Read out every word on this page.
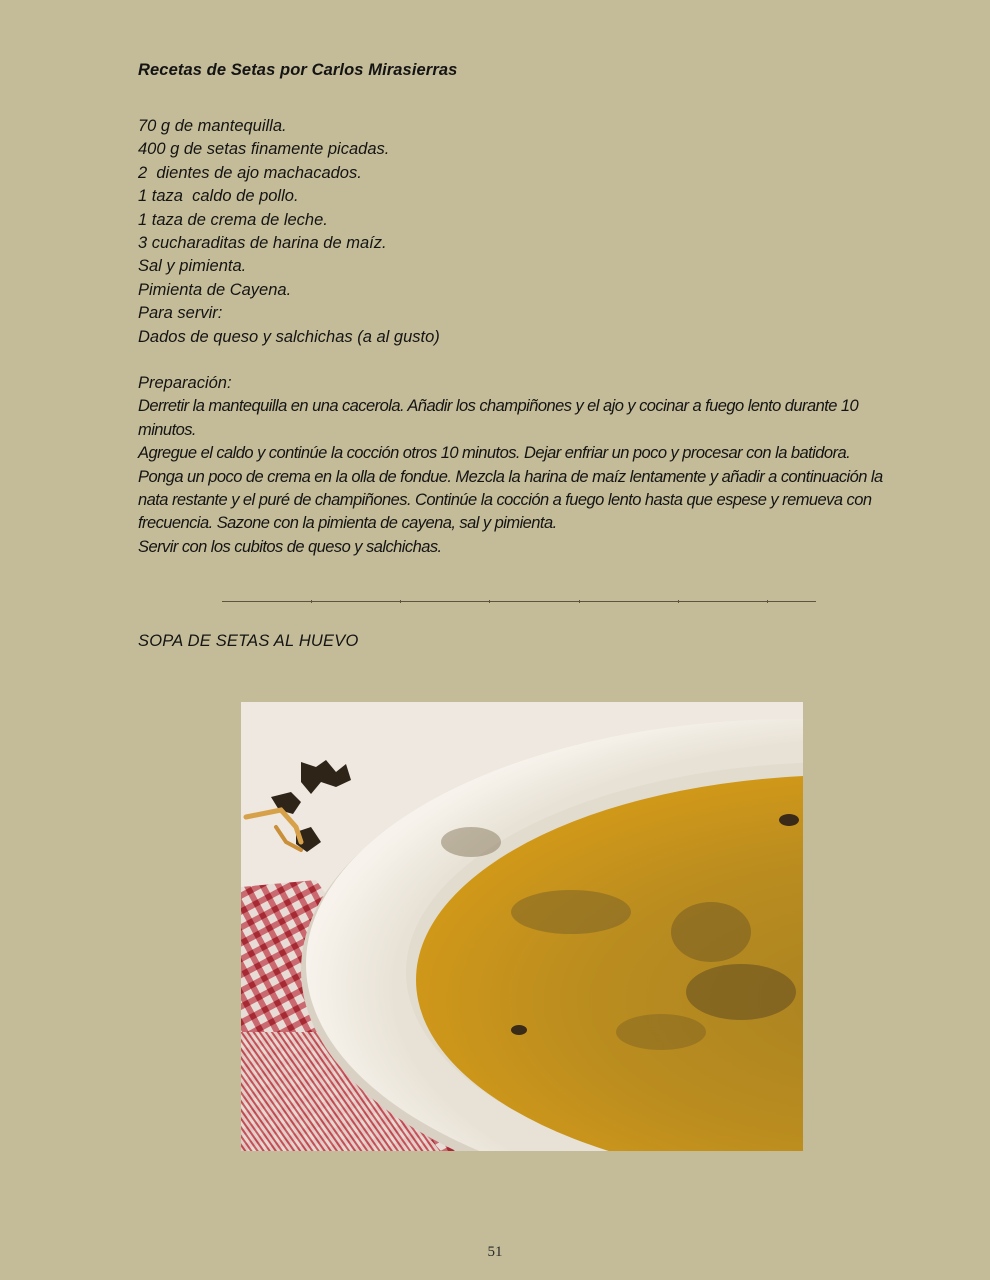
Recetas de Setas por Carlos Mirasierras
70 g de mantequilla.
400 g de setas finamente picadas.
2  dientes de ajo machacados.
1 taza  caldo de pollo.
1 taza de crema de leche.
3 cucharaditas de harina de maíz.
Sal y pimienta.
Pimienta de Cayena.
Para servir:
Dados de queso y salchichas (a al gusto)

Preparación:

Derretir la mantequilla en una cacerola. Añadir los champiñones y el ajo y cocinar a fuego lento durante 10 minutos.

Agregue el caldo y continúe la cocción otros 10 minutos. Dejar enfriar un poco y procesar con la batidora.

Ponga un poco de crema en la olla de fondue. Mezcla la harina de maíz lentamente y añadir a continuación la nata restante y el puré de champiñones. Continúe la cocción a fuego lento hasta que espese y remueva con frecuencia. Sazone con la pimienta de cayena, sal y pimienta.

Servir con los cubitos de queso y salchichas.

SOPA DE SETAS AL HUEVO
51
